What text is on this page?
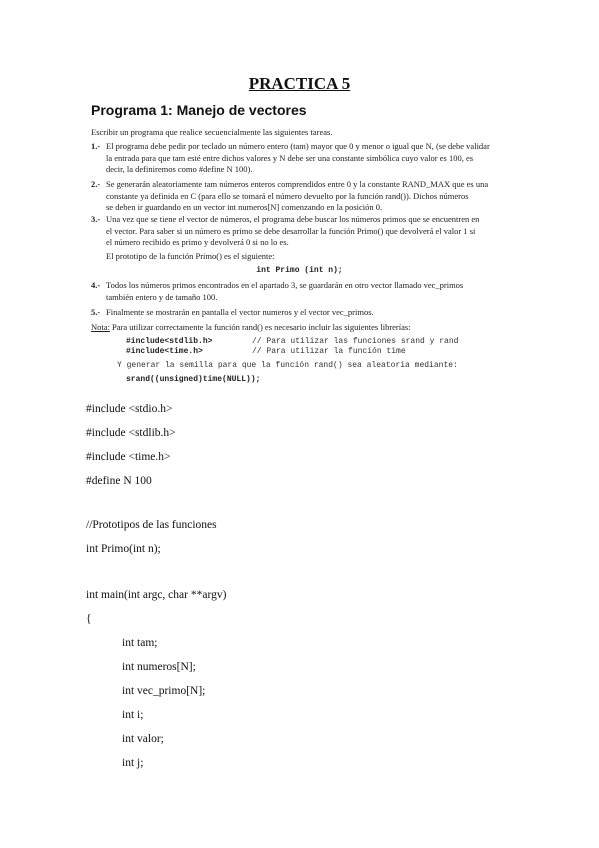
PRACTICA 5
Programa 1: Manejo de vectores
Escribir un programa que realice secuencialmente las siguientes tareas.
1.- El programa debe pedir por teclado un número entero (tam) mayor que 0 y menor o igual que N, (se debe validar
la entrada para que tam esté entre dichos valores y N debe ser una constante simbólica cuyo valor es 100, es
decir, la definiremos como #define N 100).
2.- Se generarán aleatoriamente tam números enteros comprendidos entre 0 y la constante RAND_MAX que es una
constante ya definida en C (para ello se tomará el número devuelto por la función rand()). Dichos números
se deben ir guardando en un vector int numeros[N] comenzando en la posición 0.
3.- Una vez que se tiene el vector de números, el programa debe buscar los números primos que se encuentren en
el vector. Para saber si un número es primo se debe desarrollar la función Primo() que devolverá el valor 1 si
el número recibido es primo y devolverá 0 si no lo es.
El prototipo de la función Primo() es el siguiente:
int Primo (int n);
4.- Todos los números primos encontrados en el apartado 3, se guardarán en otro vector llamado vec_primos
también entero y de tamaño 100.
5.- Finalmente se mostrarán en pantalla el vector numeros y el vector vec_primos.
Nota: Para utilizar correctamente la función rand() es necesario incluir las siguientes librerías:
#include<stdlib.h>	// Para utilizar las funciones srand y rand
#include<time.h>	// Para utilizar la función time
Y generar la semilla para que la función rand() sea aleatoria mediante:
srand((unsigned)time(NULL));
#include <stdio.h>
#include <stdlib.h>
#include <time.h>
#define N 100
//Prototipos de las funciones
int Primo(int n);
int main(int argc, char **argv)
{
int tam;
int numeros[N];
int vec_primo[N];
int i;
int valor;
int j;
